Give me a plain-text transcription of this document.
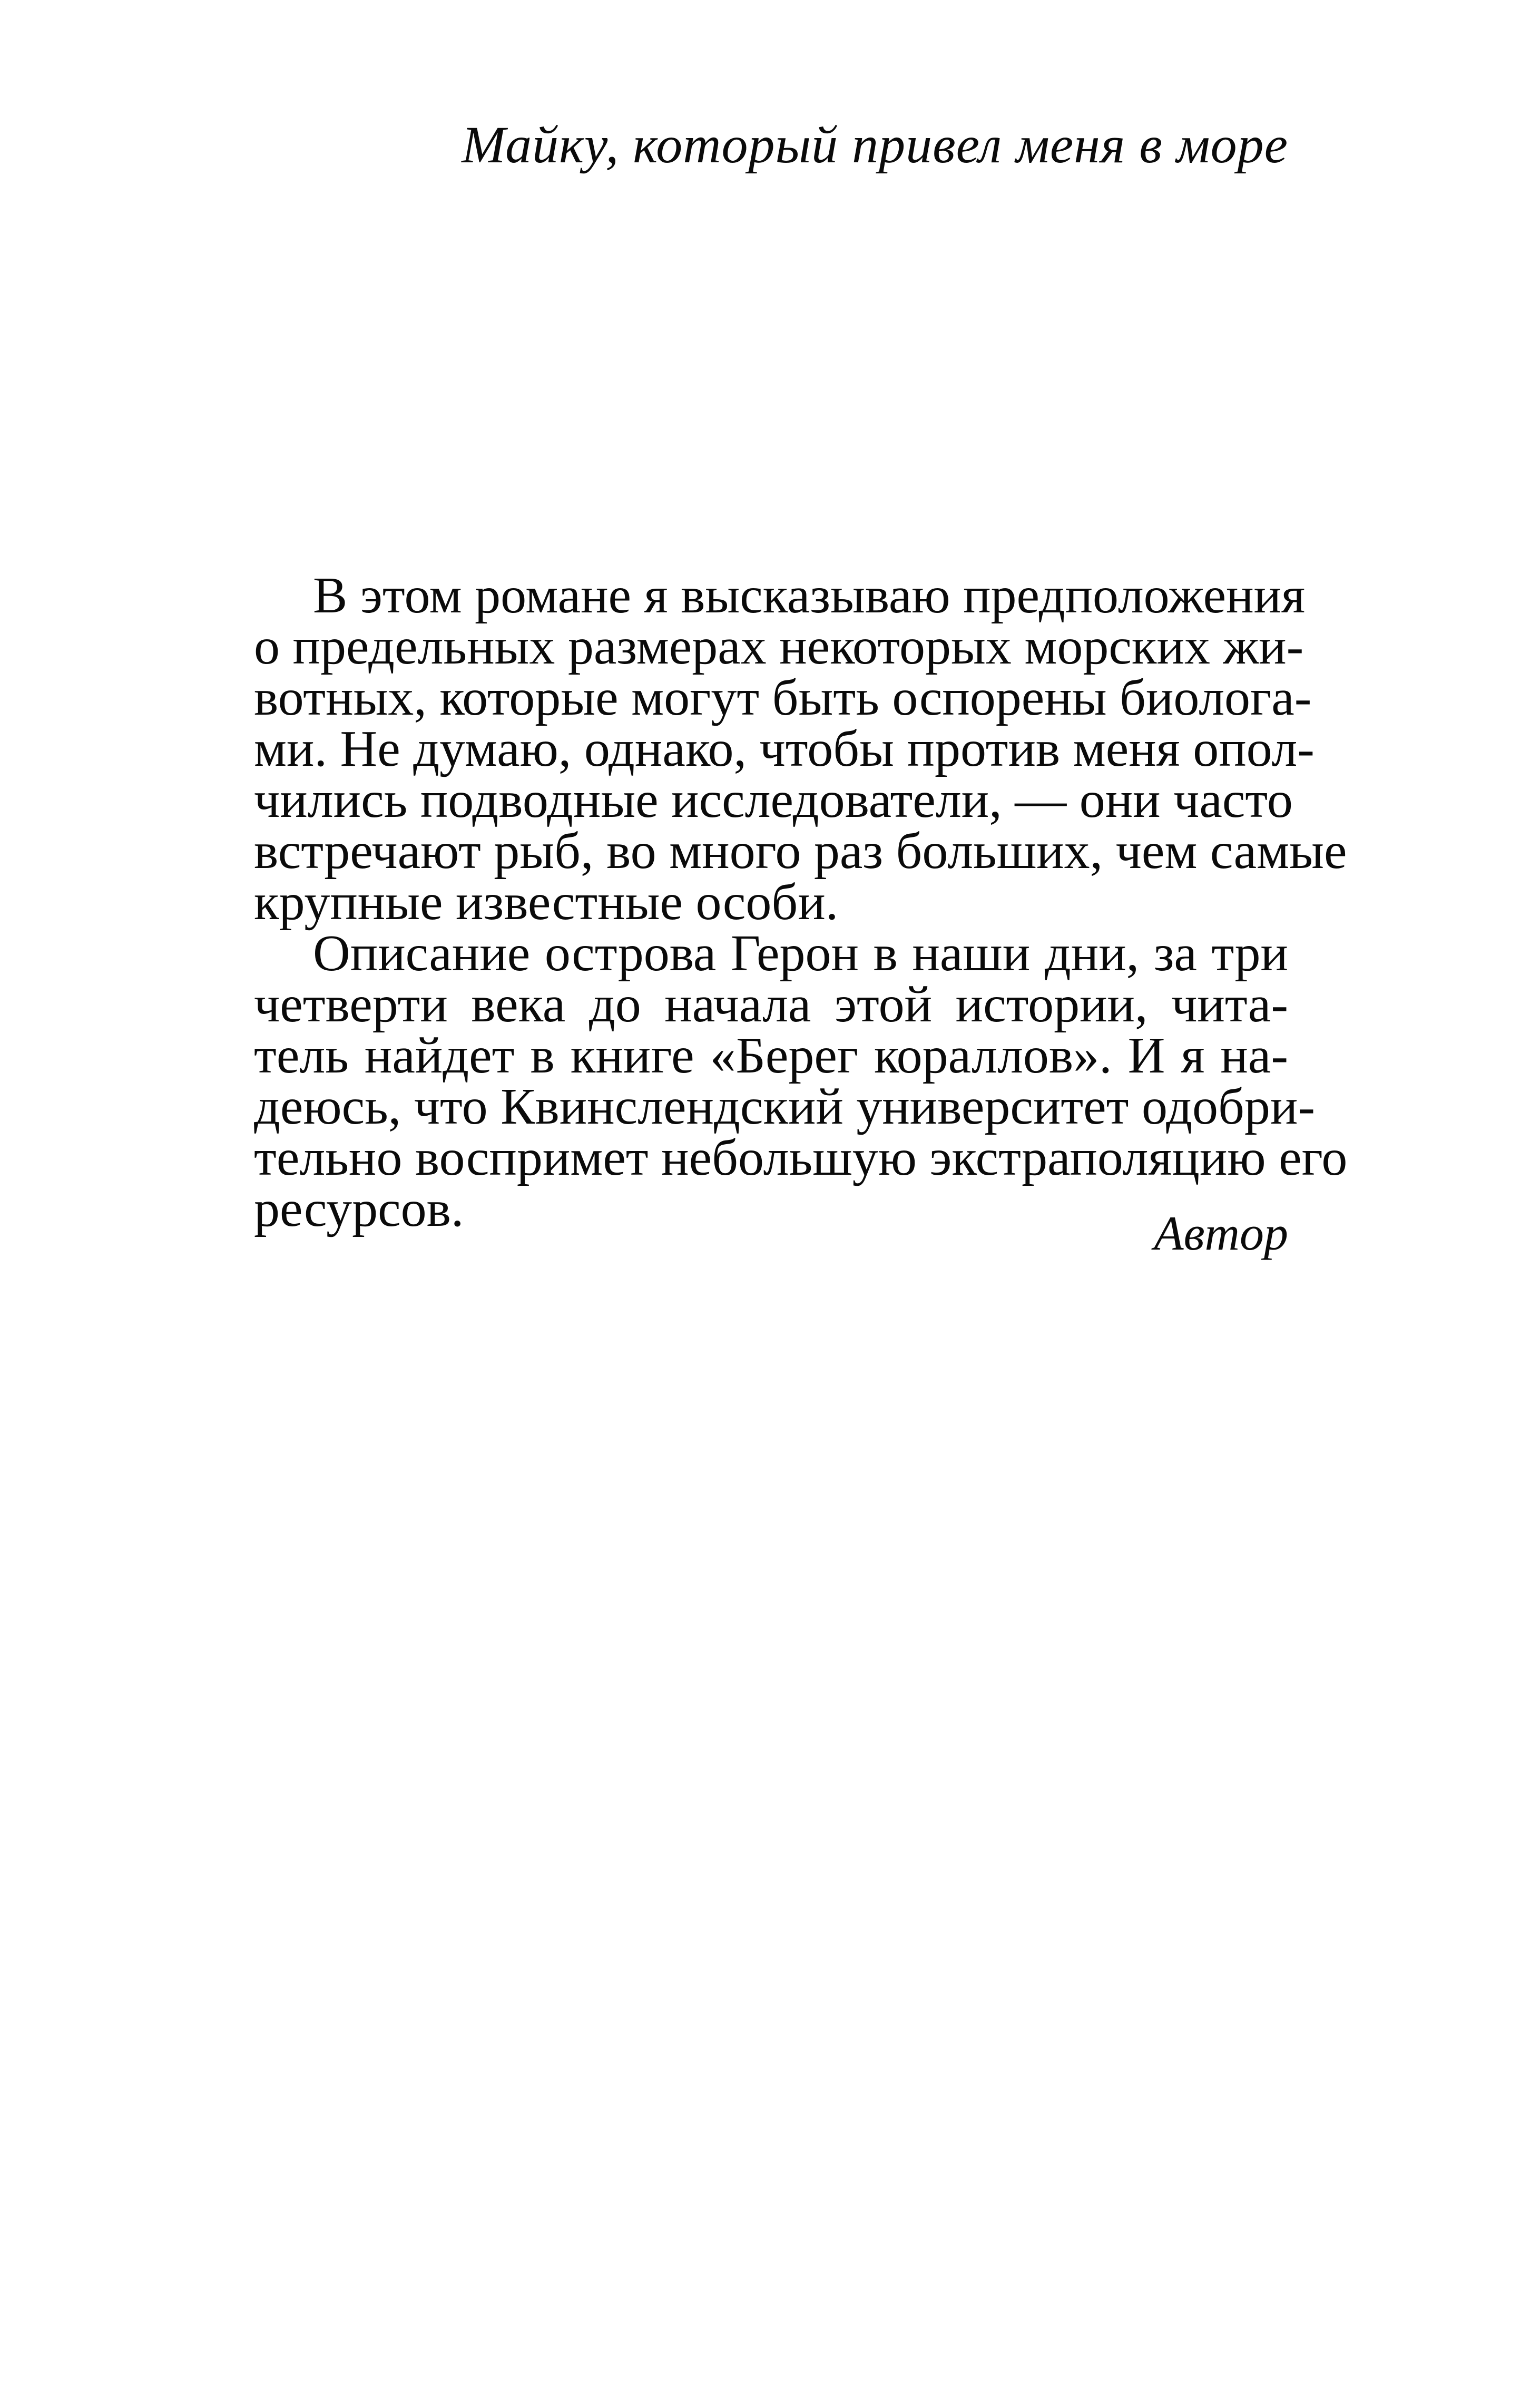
Майку, который привел меня в море

В этом романе я высказываю предположения
о предельных размерах некоторых морских жи-
вотных, которые могут быть оспорены биолога-
ми. Не думаю, однако, чтобы против меня опол-
чились подводные исследователи, — они часто
встречают рыб, во много раз больших, чем самые
крупные известные особи.
Описание острова Герон в наши дни, за три
четверти века до начала этой истории, чита-
тель найдет в книге «Берег кораллов». И я на-
деюсь, что Квинслендский университет одобри-
тельно воспримет небольшую экстраполяцию его
ресурсов.	Автор
